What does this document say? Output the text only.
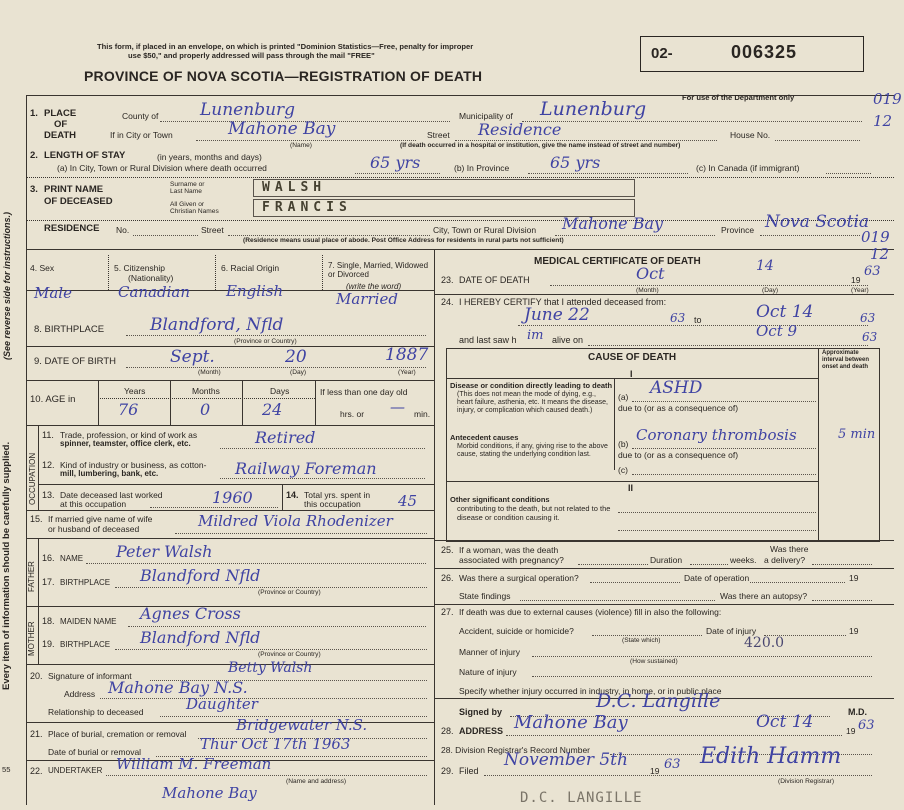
Every item of information should be carefully supplied.
(See reverse side for instructions.)
55
This form, if placed in an envelope, on which is printed "Dominion Statistics—Free, penalty for improper
use $50," and properly addressed will pass through the mail "FREE"
PROVINCE OF NOVA SCOTIA—REGISTRATION OF DEATH
02-	006325
For use of the Department only	019
12
019
12
1. PLACE
OF
DEATH
County of Lunenburg	Municipality of Lunenburg
If in City or Town	Mahone Bay
(Name)
Street Residence	House No.
(If death occurred in a hospital or institution, give the name instead of street and number)
2. LENGTH OF STAY	(in years, months and days)
(a) In City, Town or Rural Division where death occurred	65 yrs	(b) In Province	65 yrs	(c) In Canada (if immigrant)
3. PRINT NAME
OF DECEASED
Surname or
Last Name	WALSH
All Given or
Christian Names	FRANCIS
RESIDENCE No.	Street	City, Town or Rural Division Mahone Bay	Province Nova Scotia
(Residence means usual place of abode. Post Office Address for residents in rural parts not sufficient)
4. Sex
Male
5. Citizenship
(Nationality)
Canadian
6. Racial Origin
English
7. Single, Married, Widowed or Divorced
(write the word)
Married
8. BIRTHPLACE	Blandford, Nfld
(Province or Country)
9. DATE OF BIRTH	Sept.	20	1887
(Month)	(Day)	(Year)
10. AGE in
Years	Months	Days
76	0	24
If less than one day old
hrs. or — min.
OCCUPATION
11. Trade, profession, or kind of work as
spinner, teamster, office clerk, etc.	Retired
12. Kind of industry or business, as cotton-
mill, lumbering, bank, etc.	Railway Foreman
13. Date deceased last worked
at this occupation	1960	14. Total yrs. spent in
this occupation 45
15. If married give name of wife
or husband of deceased	Mildred Viola Rhodenizer
FATHER
16. NAME Peter Walsh
17. BIRTHPLACE Blandford Nfld
(Province or Country)
MOTHER
18. MAIDEN NAME Agnes Cross
19. BIRTHPLACE Blandford Nfld
(Province or Country)
20. Signature of informant	Betty Walsh
Address Mahone Bay N.S.
Relationship to deceased	Daughter
21. Place of burial, cremation or removal	Bridgewater N.S.
Date of burial or removal	Thur Oct 17th 1963
22. UNDERTAKER William M. Freeman
(Name and address)
Mahone Bay
MEDICAL CERTIFICATE OF DEATH
23. DATE OF DEATH	Oct	14
19
63
(Month)	(Day)	(Year)
24. I HEREBY CERTIFY that I attended deceased from:
June 22	63 to	Oct 14	63
and last saw h im alive on	Oct 9	63
CAUSE OF DEATH	Approximate interval between onset and death
I
Disease or condition directly leading to death
(This does not mean the mode of dying, e.g., heart failure, asthenia, etc. It means the disease, injury, or complication which caused death.)
(a) ASHD
due to (or as a consequence of)
Antecedent causes
Morbid conditions, if any, giving rise to the above cause, stating the underlying condition last.
(b) Coronary thrombosis	5 min
due to (or as a consequence of)
(c)
II
Other significant conditions
contributing to the death, but not related to the disease or condition causing it.
25. If a woman, was the death
associated with pregnancy?	Duration	weeks.
Was there
a delivery?
26. Was there a surgical operation?	Date of operation	19
State findings	Was there an autopsy?
27. If death was due to external causes (violence) fill in also the following:
Accident, suicide or homicide?
(State which)
Date of injury	19
Manner of injury
(How sustained)
420.0
Nature of injury
Specify whether injury occurred in industry, in home, or in public place
Signed by	D.C. Langille	M.D.
28. ADDRESS Mahone Bay	Oct 14	19 63
28. Division Registrar's Record Number
29. Filed
November 5th
19 63 Edith Hamm
(Division Registrar)
D.C. LANGILLE
